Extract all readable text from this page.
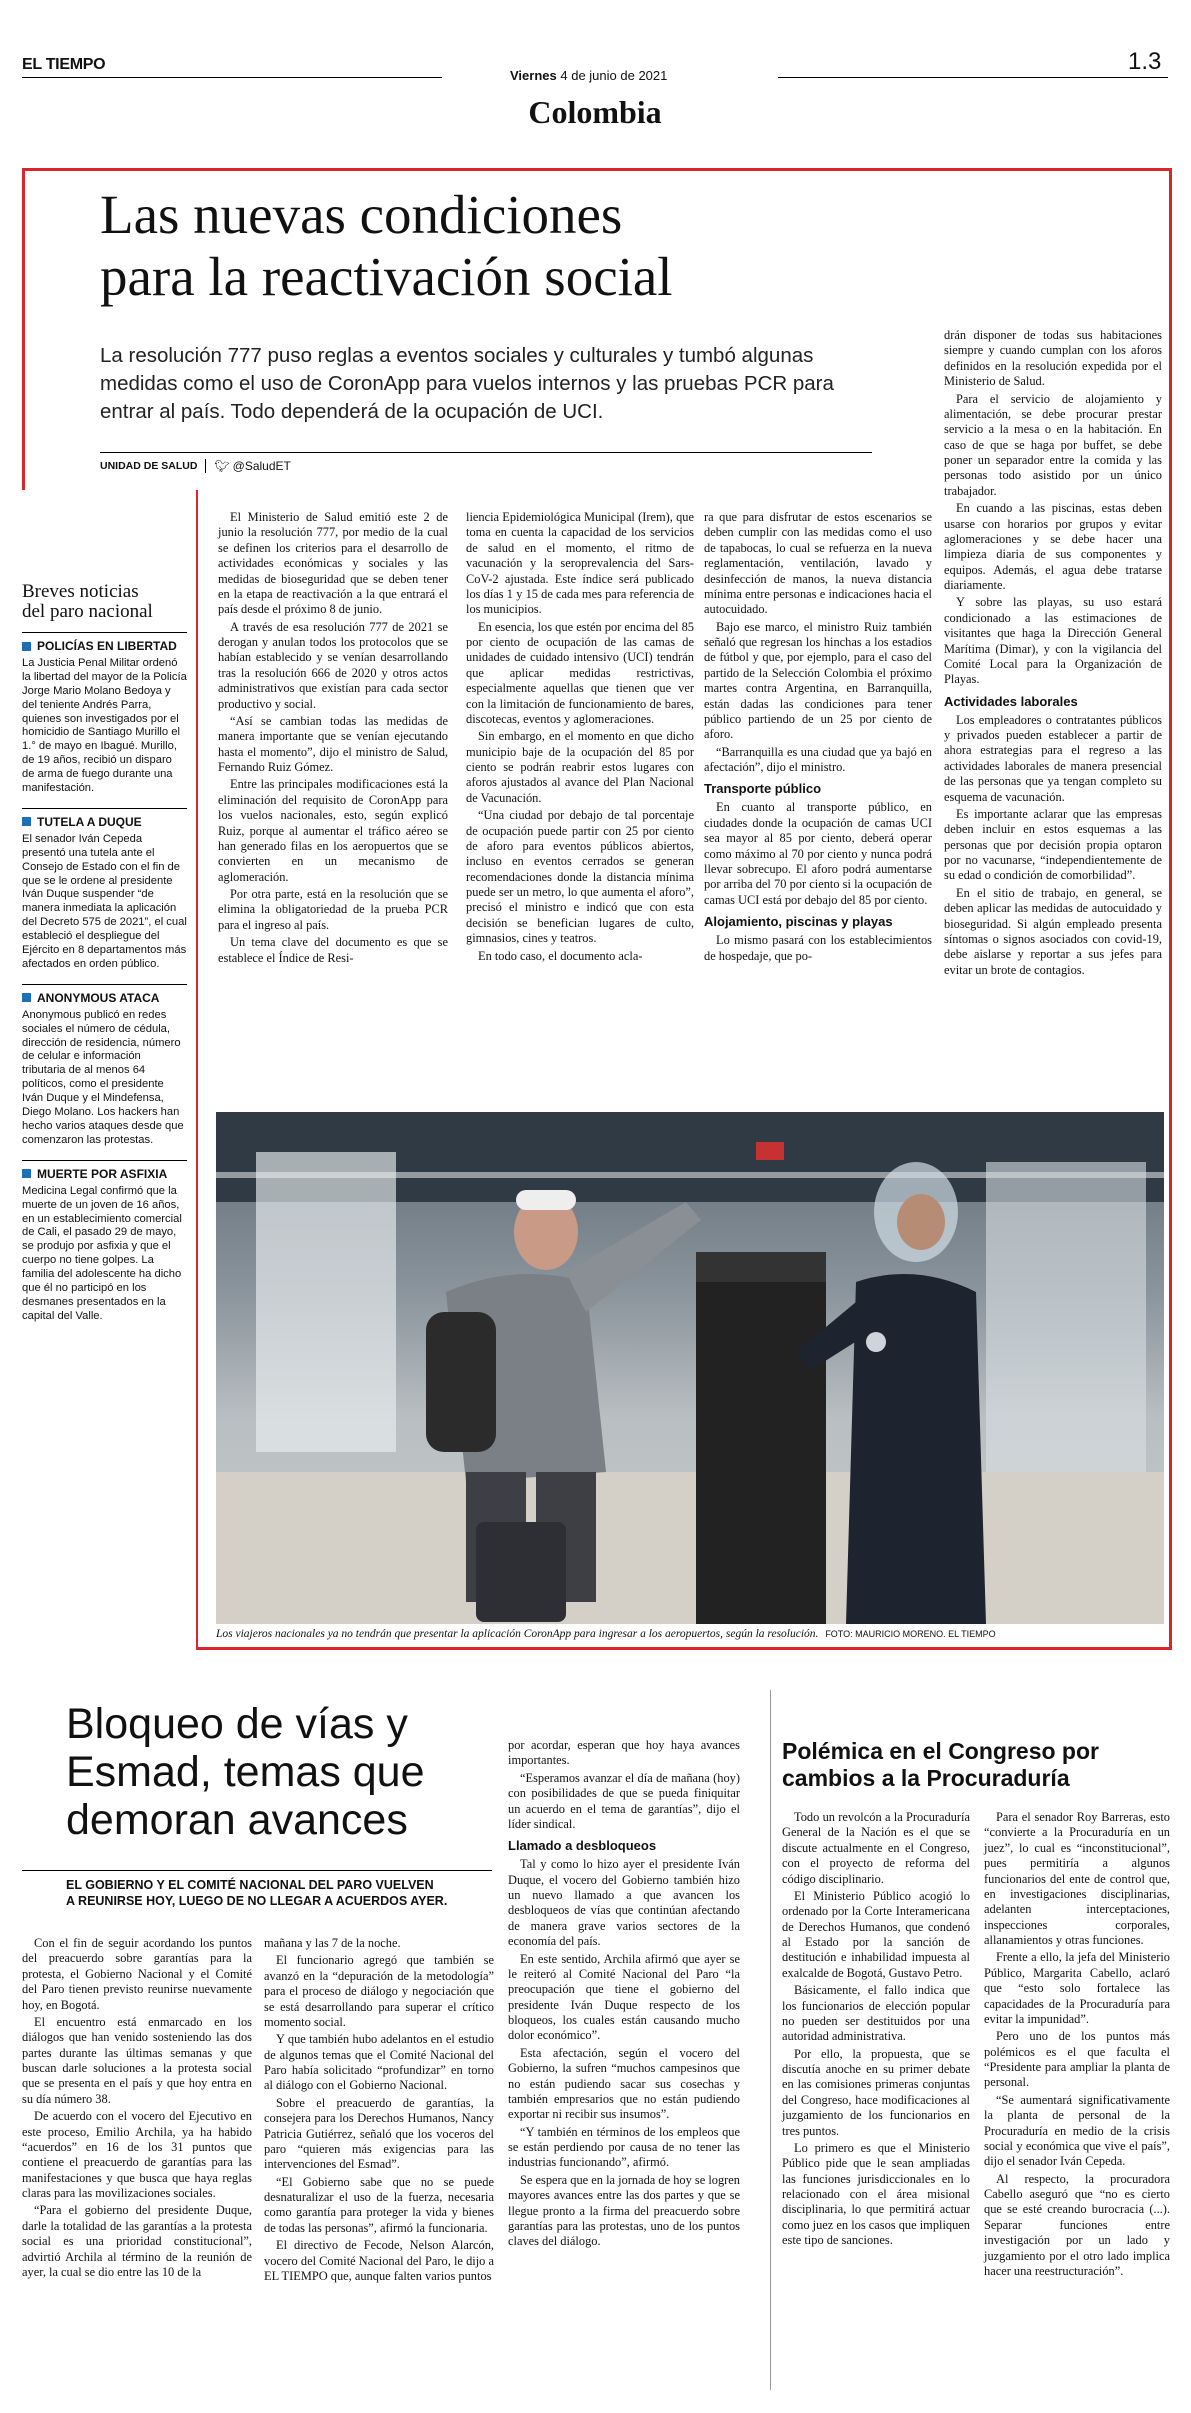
EL TIEMPO
Viernes 4 de junio de 2021
Colombia
1.3
Las nuevas condiciones
para la reactivación social
La resolución 777 puso reglas a eventos sociales y culturales y tumbó algunas medidas como el uso de CoronApp para vuelos internos y las pruebas PCR para entrar al país. Todo dependerá de la ocupación de UCI.
UNIDAD DE SALUD 🐦︎ @SaludET

El Ministerio de Salud emitió este 2 de junio la resolución 777, por medio de la cual se definen los criterios para el desarrollo de actividades económicas y sociales y las medidas de bioseguridad que se deben tener en la etapa de reactivación a la que entrará el país desde el próximo 8 de junio.

A través de esa resolución 777 de 2021 se derogan y anulan todos los protocolos que se habían establecido y se venían desarrollando tras la resolución 666 de 2020 y otros actos administrativos que existían para cada sector productivo y social.

“Así se cambian todas las medidas de manera importante que se venían ejecutando hasta el momento”, dijo el ministro de Salud, Fernando Ruiz Gómez.

Entre las principales modificaciones está la eliminación del requisito de CoronApp para los vuelos nacionales, esto, según explicó Ruiz, porque al aumentar el tráfico aéreo se han generado filas en los aeropuertos que se convierten en un mecanismo de aglomeración.

Por otra parte, está en la resolución que se elimina la obligatoriedad de la prueba PCR para el ingreso al país.

Un tema clave del documento es que se establece el Índice de Resi-

liencia Epidemiológica Municipal (Irem), que toma en cuenta la capacidad de los servicios de salud en el momento, el ritmo de vacunación y la seroprevalencia del Sars-CoV-2 ajustada. Este índice será publicado los días 1 y 15 de cada mes para referencia de los municipios.

En esencia, los que estén por encima del 85 por ciento de ocupación de las camas de unidades de cuidado intensivo (UCI) tendrán que aplicar medidas restrictivas, especialmente aquellas que tienen que ver con la limitación de funcionamiento de bares, discotecas, eventos y aglomeraciones.

Sin embargo, en el momento en que dicho municipio baje de la ocupación del 85 por ciento se podrán reabrir estos lugares con aforos ajustados al avance del Plan Nacional de Vacunación.

“Una ciudad por debajo de tal porcentaje de ocupación puede partir con 25 por ciento de aforo para eventos públicos abiertos, incluso en eventos cerrados se generan recomendaciones donde la distancia mínima puede ser un metro, lo que aumenta el aforo”, precisó el ministro e indicó que con esta decisión se benefician lugares de culto, gimnasios, cines y teatros.

En todo caso, el documento acla-

ra que para disfrutar de estos escenarios se deben cumplir con las medidas como el uso de tapabocas, lo cual se refuerza en la nueva reglamentación, ventilación, lavado y desinfección de manos, la nueva distancia mínima entre personas e indicaciones hacia el autocuidado.

Bajo ese marco, el ministro Ruiz también señaló que regresan los hinchas a los estadios de fútbol y que, por ejemplo, para el caso del partido de la Selección Colombia el próximo martes contra Argentina, en Barranquilla, están dadas las condiciones para tener público partiendo de un 25 por ciento de aforo.

“Barranquilla es una ciudad que ya bajó en afectación”, dijo el ministro.

Transporte público

En cuanto al transporte público, en ciudades donde la ocupación de camas UCI sea mayor al 85 por ciento, deberá operar como máximo al 70 por ciento y nunca podrá llevar sobrecupo. El aforo podrá aumentarse por arriba del 70 por ciento si la ocupación de camas UCI está por debajo del 85 por ciento.

Alojamiento, piscinas y playas

Lo mismo pasará con los establecimientos de hospedaje, que po-

drán disponer de todas sus habitaciones siempre y cuando cumplan con los aforos definidos en la resolución expedida por el Ministerio de Salud.

Para el servicio de alojamiento y alimentación, se debe procurar prestar servicio a la mesa o en la habitación. En caso de que se haga por buffet, se debe poner un separador entre la comida y las personas todo asistido por un único trabajador.

En cuando a las piscinas, estas deben usarse con horarios por grupos y evitar aglomeraciones y se debe hacer una limpieza diaria de sus componentes y equipos. Además, el agua debe tratarse diariamente.

Y sobre las playas, su uso estará condicionado a las estimaciones de visitantes que haga la Dirección General Marítima (Dimar), y con la vigilancia del Comité Local para la Organización de Playas.

Actividades laborales

Los empleadores o contratantes públicos y privados pueden establecer a partir de ahora estrategias para el regreso a las actividades laborales de manera presencial de las personas que ya tengan completo su esquema de vacunación.

Es importante aclarar que las empresas deben incluir en estos esquemas a las personas que por decisión propia optaron por no vacunarse, “independientemente de su edad o condición de comorbilidad”.

En el sitio de trabajo, en general, se deben aplicar las medidas de autocuidado y bioseguridad. Si algún empleado presenta síntomas o signos asociados con covid-19, debe aislarse y reportar a sus jefes para evitar un brote de contagios.

Breves noticias
del paro nacional
POLICÍAS EN LIBERTAD

La Justicia Penal Militar ordenó la libertad del mayor de la Policía Jorge Mario Molano Bedoya y del teniente Andrés Parra, quienes son investigados por el homicidio de Santiago Murillo el 1.° de mayo en Ibagué. Murillo, de 19 años, recibió un disparo de arma de fuego durante una manifestación.

TUTELA A DUQUE

El senador Iván Cepeda presentó una tutela ante el Consejo de Estado con el fin de que se le ordene al presidente Iván Duque suspender “de manera inmediata la aplicación del Decreto 575 de 2021”, el cual estableció el despliegue del Ejército en 8 departamentos más afectados en orden público.

ANONYMOUS ATACA

Anonymous publicó en redes sociales el número de cédula, dirección de residencia, número de celular e información tributaria de al menos 64 políticos, como el presidente Iván Duque y el Mindefensa, Diego Molano. Los hackers han hecho varios ataques desde que comenzaron las protestas.

MUERTE POR ASFIXIA

Medicina Legal confirmó que la muerte de un joven de 16 años, en un establecimiento comercial de Cali, el pasado 29 de mayo, se produjo por asfixia y que el cuerpo no tiene golpes. La familia del adolescente ha dicho que él no participó en los desmanes presentados en la capital del Valle.

Los viajeros nacionales ya no tendrán que presentar la aplicación CoronApp para ingresar a los aeropuertos, según la resolución. FOTO: MAURICIO MORENO. EL TIEMPO
Bloqueo de vías y
Esmad, temas que
demoran avances
EL GOBIERNO Y EL COMITÉ NACIONAL DEL PARO VUELVEN
A REUNIRSE HOY, LUEGO DE NO LLEGAR A ACUERDOS AYER.

Con el fin de seguir acordando los puntos del preacuerdo sobre garantías para la protesta, el Gobierno Nacional y el Comité del Paro tienen previsto reunirse nuevamente hoy, en Bogotá.

El encuentro está enmarcado en los diálogos que han venido sosteniendo las dos partes durante las últimas semanas y que buscan darle soluciones a la protesta social que se presenta en el país y que hoy entra en su día número 38.

De acuerdo con el vocero del Ejecutivo en este proceso, Emilio Archila, ya ha habido “acuerdos” en 16 de los 31 puntos que contiene el preacuerdo de garantías para las manifestaciones y que busca que haya reglas claras para las movilizaciones sociales.

“Para el gobierno del presidente Duque, darle la totalidad de las garantías a la protesta social es una prioridad constitucional”, advirtió Archila al término de la reunión de ayer, la cual se dio entre las 10 de la

mañana y las 7 de la noche.

El funcionario agregó que también se avanzó en la “depuración de la metodología” para el proceso de diálogo y negociación que se está desarrollando para superar el crítico momento social.

Y que también hubo adelantos en el estudio de algunos temas que el Comité Nacional del Paro había solicitado “profundizar” en torno al diálogo con el Gobierno Nacional.

Sobre el preacuerdo de garantías, la consejera para los Derechos Humanos, Nancy Patricia Gutiérrez, señaló que los voceros del paro “quieren más exigencias para las intervenciones del Esmad”.

“El Gobierno sabe que no se puede desnaturalizar el uso de la fuerza, necesaria como garantía para proteger la vida y bienes de todas las personas”, afirmó la funcionaria.

El directivo de Fecode, Nelson Alarcón, vocero del Comité Nacional del Paro, le dijo a EL TIEMPO que, aunque falten varios puntos

por acordar, esperan que hoy haya avances importantes.

“Esperamos avanzar el día de mañana (hoy) con posibilidades de que se pueda finiquitar un acuerdo en el tema de garantías”, dijo el líder sindical.

Llamado a desbloqueos

Tal y como lo hizo ayer el presidente Iván Duque, el vocero del Gobierno también hizo un nuevo llamado a que avancen los desbloqueos de vías que continúan afectando de manera grave varios sectores de la economía del país.

En este sentido, Archila afirmó que ayer se le reiteró al Comité Nacional del Paro “la preocupación que tiene el gobierno del presidente Iván Duque respecto de los bloqueos, los cuales están causando mucho dolor económico”.

Esta afectación, según el vocero del Gobierno, la sufren “muchos campesinos que no están pudiendo sacar sus cosechas y también empresarios que no están pudiendo exportar ni recibir sus insumos”.

“Y también en términos de los empleos que se están perdiendo por causa de no tener las industrias funcionando”, afirmó.

Se espera que en la jornada de hoy se logren mayores avances entre las dos partes y que se llegue pronto a la firma del preacuerdo sobre garantías para las protestas, uno de los puntos claves del diálogo.

Polémica en el Congreso por
cambios a la Procuraduría

Todo un revolcón a la Procuraduría General de la Nación es el que se discute actualmente en el Congreso, con el proyecto de reforma del código disciplinario.

El Ministerio Público acogió lo ordenado por la Corte Interamericana de Derechos Humanos, que condenó al Estado por la sanción de destitución e inhabilidad impuesta al exalcalde de Bogotá, Gustavo Petro.

Básicamente, el fallo indica que los funcionarios de elección popular no pueden ser destituidos por una autoridad administrativa.

Por ello, la propuesta, que se discutía anoche en su primer debate en las comisiones primeras conjuntas del Congreso, hace modificaciones al juzgamiento de los funcionarios en tres puntos.

Lo primero es que el Ministerio Público pide que le sean ampliadas las funciones jurisdiccionales en lo relacionado con el área misional disciplinaria, lo que permitirá actuar como juez en los casos que impliquen este tipo de sanciones.

Para el senador Roy Barreras, esto “convierte a la Procuraduría en un juez”, lo cual es “inconstitucional”, pues permitiría a algunos funcionarios del ente de control que, en investigaciones disciplinarias, adelanten interceptaciones, inspecciones corporales, allanamientos y otras funciones.

Frente a ello, la jefa del Ministerio Público, Margarita Cabello, aclaró que “esto solo fortalece las capacidades de la Procuraduría para evitar la impunidad”.

Pero uno de los puntos más polémicos es el que faculta el “Presidente para ampliar la planta de personal.

“Se aumentará significativamente la planta de personal de la Procuraduría en medio de la crisis social y económica que vive el país”, dijo el senador Iván Cepeda.

Al respecto, la procuradora Cabello aseguró que “no es cierto que se esté creando burocracia (...). Separar funciones entre investigación por un lado y juzgamiento por el otro lado implica hacer una reestructuración”.
